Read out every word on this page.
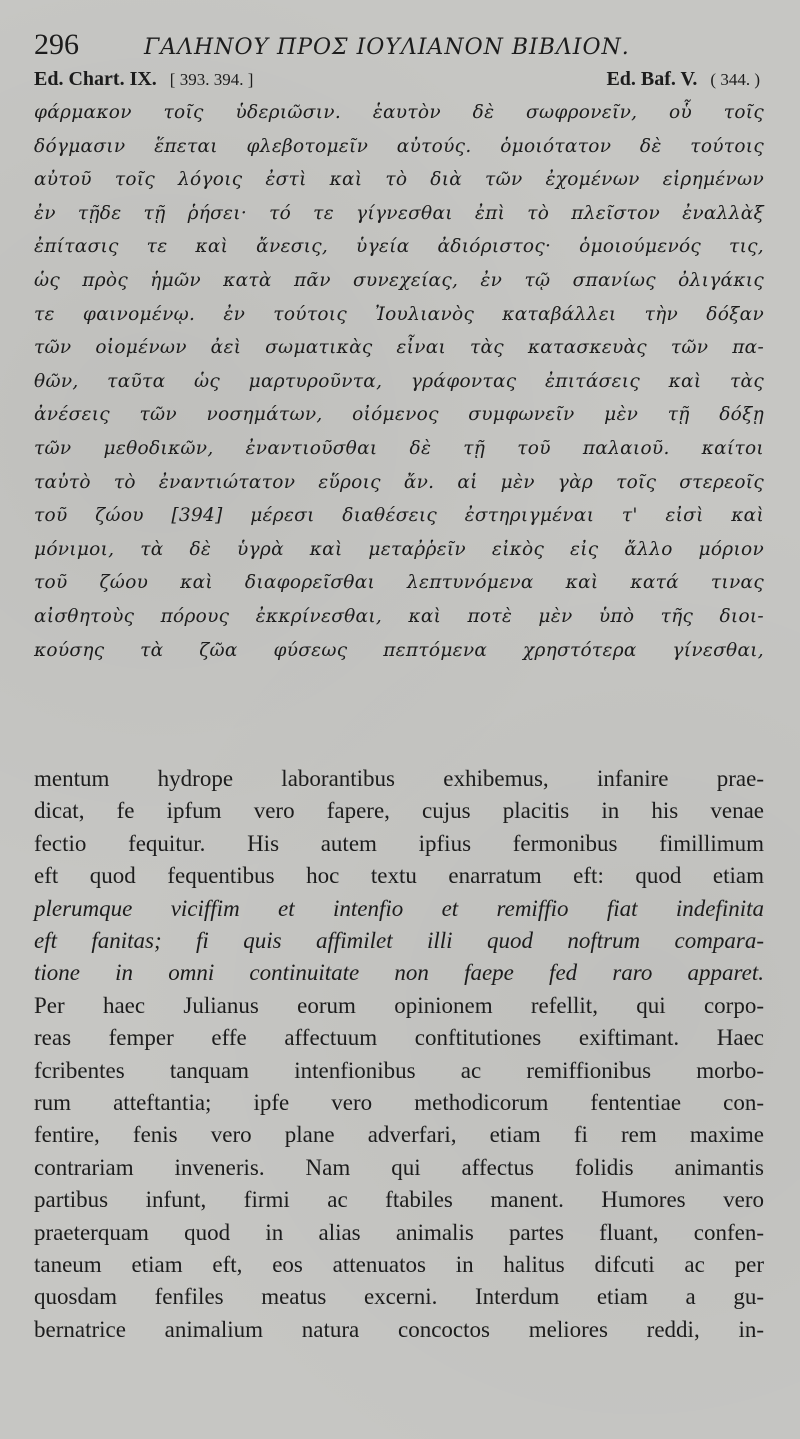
296	ΓΑΛΗΝΟΥ ΠΡΟΣ ΙΟΥΛΙΑΝΟΝ ΒΙΒΛΙΟΝ.
Ed. Chart. IX. [ 393. 394. ]	Ed. Baf. V. ( 344. )
φάρμακον τοῖς ὑδεριῶσιν. ἑαυτὸν δὲ σωφρονεῖν, οὗ τοῖς
δόγμασιν ἕπεται φλεβοτομεῖν αὐτούς. ὁμοιότατον δὲ τούτοις
αὐτοῦ τοῖς λόγοις ἐστὶ καὶ τὸ διὰ τῶν ἐχομένων εἰρημένων
ἐν τῇδε τῇ ῥήσει· τό τε γίγνεσθαι ἐπὶ τὸ πλεῖστον ἐναλλὰξ
ἐπίτασις τε καὶ ἄνεσις, ὑγεία ἀδιόριστος· ὁμοιούμενός τις,
ὡς πρὸς ἡμῶν κατὰ πᾶν συνεχείας, ἐν τῷ σπανίως ὀλιγάκις
τε φαινομένῳ. ἐν τούτοις Ἰουλιανὸς καταβάλλει τὴν δόξαν
τῶν οἰομένων ἀεὶ σωματικὰς εἶναι τὰς κατασκευὰς τῶν πα-
θῶν, ταῦτα ὡς μαρτυροῦντα, γράφοντας ἐπιτάσεις καὶ τὰς
ἀνέσεις τῶν νοσημάτων, οἰόμενος συμφωνεῖν μὲν τῇ δόξῃ
τῶν μεθοδικῶν, ἐναντιοῦσθαι δὲ τῇ τοῦ παλαιοῦ. καίτοι
ταὐτὸ τὸ ἐναντιώτατον εὕροις ἄν. αἱ μὲν γὰρ τοῖς στερεοῖς
τοῦ ζώου [394] μέρεσι διαθέσεις ἐστηριγμέναι τ' εἰσὶ καὶ
μόνιμοι, τὰ δὲ ὑγρὰ καὶ μεταῤῥεῖν εἰκὸς εἰς ἄλλο μόριον
τοῦ ζώου καὶ διαφορεῖσθαι λεπτυνόμενα καὶ κατά τινας
αἰσθητοὺς πόρους ἐκκρίνεσθαι, καὶ ποτὲ μὲν ὑπὸ τῆς διοι-
κούσης τὰ ζῶα φύσεως πεπτόμενα χρηστότερα γίνεσθαι,
mentum hydrope laborantibus exhibemus, infanire prae-
dicat, fe ipfum vero fapere, cujus placitis in his venae
fectio fequitur. His autem ipfius fermonibus fimillimum
eft quod fequentibus hoc textu enarratum eft: quod etiam
plerumque viciffim et intenfio et remiffio fiat indefinita
eft fanitas; fi quis affimilet illi quod noftrum compara-
tione in omni continuitate non faepe fed raro apparet.
Per haec Julianus eorum opinionem refellit, qui corpo-
reas femper effe affectuum conftitutiones exiftimant. Haec
fcribentes tanquam intenfionibus ac remiffionibus morbo-
rum atteftantia; ipfe vero methodicorum fententiae con-
fentire, fenis vero plane adverfari, etiam fi rem maxime
contrariam inveneris. Nam qui affectus folidis animantis
partibus infunt, firmi ac ftabiles manent. Humores vero
praeterquam quod in alias animalis partes fluant, confen-
taneum etiam eft, eos attenuatos in halitus difcuti ac per
quosdam fenfiles meatus excerni. Interdum etiam a gu-
bernatrice animalium natura concoctos meliores reddi, in-
